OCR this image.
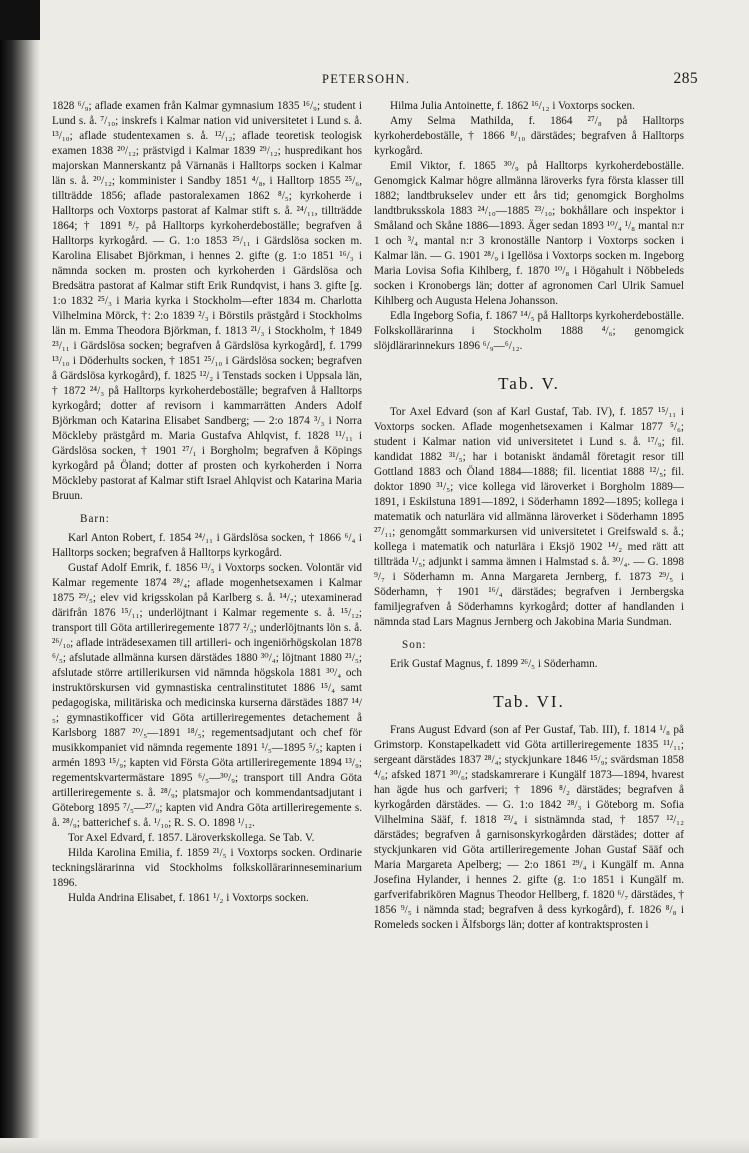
PETERSOHN.	285

1828 ⁶/₉; aflade examen från Kalmar gymnasium 1835 ¹⁶/₉; student i Lund s. å. ⁷/₁₀; inskrefs i Kalmar nation vid universitetet i Lund s. å. ¹³/₁₀; aflade studentexamen s. å. ¹²/₁₂; aflade teoretisk teologisk examen 1838 ²⁰/₁₂; prästvigd i Kalmar 1839 ²⁹/₁₂; huspredikant hos majorskan Mannerskantz på Värnanäs i Halltorps socken i Kalmar län s. å. ²⁰/₁₂; komminister i Sandby 1851 ⁴/₈, i Halltorp 1855 ²⁵/₆, tillträdde 1856; aflade pastoralexamen 1862 ⁸/₅; kyrkoherde i Halltorps och Voxtorps pastorat af Kalmar stift s. å. ²⁴/₁₁, tillträdde 1864; † 1891 ⁸/₇ på Halltorps kyrkoherdeboställe; begrafven å Halltorps kyrkogård. — G. 1:o 1853 ²⁵/₁₁ i Gärdslösa socken m. Karolina Elisabet Björkman, i hennes 2. gifte (g. 1:o 1851 ¹⁶/₃ i nämnda socken m. prosten och kyrkoherden i Gärdslösa och Bredsätra pastorat af Kalmar stift Erik Rundqvist, i hans 3. gifte [g. 1:o 1832 ²⁵/₃ i Maria kyrka i Stockholm—efter 1834 m. Charlotta Vilhelmina Mörck, †: 2:o 1839 ²/₃ i Börstils prästgård i Stockholms län m. Emma Theodora Björkman, f. 1813 ²¹/₃ i Stockholm, † 1849 ²³/₁₁ i Gärdslösa socken; begrafven å Gärdslösa kyrkogård], f. 1799 ¹³/₁₀ i Döderhults socken, † 1851 ²⁵/₁₀ i Gärdslösa socken; begrafven å Gärdslösa kyrkogård), f. 1825 ¹²/₂ i Tenstads socken i Uppsala län, † 1872 ²⁴/₃ på Halltorps kyrkoherdeboställe; begrafven å Halltorps kyrkogård; dotter af revisorn i kammarrätten Anders Adolf Björkman och Katarina Elisabet Sandberg; — 2:o 1874 ³/₃ i Norra Möckleby prästgård m. Maria Gustafva Ahlqvist, f. 1828 ¹¹/₁₁ i Gärdslösa socken, † 1901 ²⁷/₁ i Borgholm; begrafven å Köpings kyrkogård på Öland; dotter af prosten och kyrkoherden i Norra Möckleby pastorat af Kalmar stift Israel Ahlqvist och Katarina Maria Bruun.

Barn:

Karl Anton Robert, f. 1854 ²⁴/₁₁ i Gärdslösa socken, † 1866 ⁶/₄ i Halltorps socken; begrafven å Halltorps kyrkogård.

Gustaf Adolf Emrik, f. 1856 ¹³/₅ i Voxtorps socken. Volontär vid Kalmar regemente 1874 ²⁸/₄; aflade mogenhetsexamen i Kalmar 1875 ²⁹/₅; elev vid krigsskolan på Karlberg s. å. ¹⁴/₇; utexaminerad därifrån 1876 ¹⁵/₁₁; underlöjtnant i Kalmar regemente s. å. ¹⁵/₁₂; transport till Göta artilleriregemente 1877 ²/₃; underlöjtnants lön s. å. ²⁶/₁₀; aflade inträdesexamen till artilleri- och ingeniörhögskolan 1878 ⁶/₅; afslutade allmänna kursen därstädes 1880 ³⁰/₄; löjtnant 1880 ²¹/₅; afslutade större artillerikursen vid nämnda högskola 1881 ³⁰/₄ och instruktörskursen vid gymnastiska centralinstitutet 1886 ¹⁵/₄ samt pedagogiska, militäriska och medicinska kurserna därstädes 1887 ¹⁴/₅; gymnastikofficer vid Göta artilleriregementes detachement å Karlsborg 1887 ²⁰/₅—1891 ¹⁸/₅; regementsadjutant och chef för musikkompaniet vid nämnda regemente 1891 ¹/₅—1895 ⁵/₅; kapten i armén 1893 ¹⁵/₉; kapten vid Första Göta artilleriregemente 1894 ¹³/₉; regementskvartermästare 1895 ⁶/₅—³⁰/₉; transport till Andra Göta artilleriregemente s. å. ²⁸/₉; platsmajor och kommendantsadjutant i Göteborg 1895 ⁷/₅—²⁷/₉; kapten vid Andra Göta artilleriregemente s. å. ²⁸/₉; batterichef s. å. ¹/₁₀; R. S. O. 1898 ¹/₁₂.

Tor Axel Edvard, f. 1857. Läroverkskollega. Se Tab. V.

Hilda Karolina Emilia, f. 1859 ²¹/₅ i Voxtorps socken. Ordinarie teckningslärarinna vid Stockholms folkskollärarinneseminarium 1896.

Hulda Andrina Elisabet, f. 1861 ¹/₂ i Voxtorps socken.

Hilma Julia Antoinette, f. 1862 ¹⁶/₁₂ i Voxtorps socken.

Amy Selma Mathilda, f. 1864 ²⁷/₈ på Halltorps kyrkoherdeboställe, † 1866 ⁸/₁₀ därstädes; begrafven å Halltorps kyrkogård.

Emil Viktor, f. 1865 ³⁰/₉ på Halltorps kyrkoherdeboställe. Genomgick Kalmar högre allmänna läroverks fyra första klasser till 1882; landtbrukselev under ett års tid; genomgick Borgholms landtbruksskola 1883 ²⁴/₁₀—1885 ²³/₁₀; bokhållare och inspektor i Småland och Skåne 1886—1893. Äger sedan 1893 ¹⁰/₄ ¹/₈ mantal n:r 1 och ³/₄ mantal n:r 3 kronoställe Nantorp i Voxtorps socken i Kalmar län. — G. 1901 ²⁸/₉ i Igellösa i Voxtorps socken m. Ingeborg Maria Lovisa Sofia Kihlberg, f. 1870 ¹⁰/₈ i Högahult i Nöbbeleds socken i Kronobergs län; dotter af agronomen Carl Ulrik Samuel Kihlberg och Augusta Helena Johansson.

Edla Ingeborg Sofia, f. 1867 ¹⁴/₅ på Halltorps kyrkoherdeboställe. Folkskollärarinna i Stockholm 1888 ⁴/₆; genomgick slöjdlärarinnekurs 1896 ⁶/₉—⁶/₁₂.

Tab. V.

Tor Axel Edvard (son af Karl Gustaf, Tab. IV), f. 1857 ¹⁵/₁₁ i Voxtorps socken. Aflade mogenhetsexamen i Kalmar 1877 ⁵/₆; student i Kalmar nation vid universitetet i Lund s. å. ¹⁷/₉; fil. kandidat 1882 ³¹/₅; har i botaniskt ändamål företagit resor till Gottland 1883 och Öland 1884—1888; fil. licentiat 1888 ¹²/₅; fil. doktor 1890 ³¹/₅; vice kollega vid läroverket i Borgholm 1889—1891, i Eskilstuna 1891—1892, i Söderhamn 1892—1895; kollega i matematik och naturlära vid allmänna läroverket i Söderhamn 1895 ²⁷/₁₁; genomgått sommarkursen vid universitetet i Greifswald s. å.; kollega i matematik och naturlära i Eksjö 1902 ¹⁴/₂ med rätt att tillträda ¹/₅; adjunkt i samma ämnen i Halmstad s. å. ³⁰/₄. — G. 1898 ⁹/₇ i Söderhamn m. Anna Margareta Jernberg, f. 1873 ²⁹/₅ i Söderhamn, † 1901 ¹⁶/₄ därstädes; begrafven i Jernbergska familjegrafven å Söderhamns kyrkogård; dotter af handlanden i nämnda stad Lars Magnus Jernberg och Jakobina Maria Sundman.

Son:

Erik Gustaf Magnus, f. 1899 ²⁶/₅ i Söderhamn.

Tab. VI.

Frans August Edvard (son af Per Gustaf, Tab. III), f. 1814 ¹/₈ på Grimstorp. Konstapelkadett vid Göta artilleriregemente 1835 ¹¹/₁₁; sergeant därstädes 1837 ²⁸/₄; styckjunkare 1846 ¹⁵/₉; svärdsman 1858 ⁴/₆; afsked 1871 ³⁰/₆; stadskamrerare i Kungälf 1873—1894, hvarest han ägde hus och garfveri; † 1896 ⁸/₂ därstädes; begrafven å kyrkogården därstädes. — G. 1:o 1842 ²⁸/₃ i Göteborg m. Sofia Vilhelmina Sääf, f. 1818 ²³/₄ i sistnämnda stad, † 1857 ¹²/₁₂ därstädes; begrafven å garnisonskyrkogården därstädes; dotter af styckjunkaren vid Göta artilleriregemente Johan Gustaf Sääf och Maria Margareta Apelberg; — 2:o 1861 ²⁹/₄ i Kungälf m. Anna Josefina Hylander, i hennes 2. gifte (g. 1:o 1851 i Kungälf m. garfverifabrikören Magnus Theodor Hellberg, f. 1820 ⁶/₇ därstädes, † 1856 ⁹/₅ i nämnda stad; begrafven å dess kyrkogård), f. 1826 ⁸/₈ i Romeleds socken i Älfsborgs län; dotter af kontraktsprosten i
